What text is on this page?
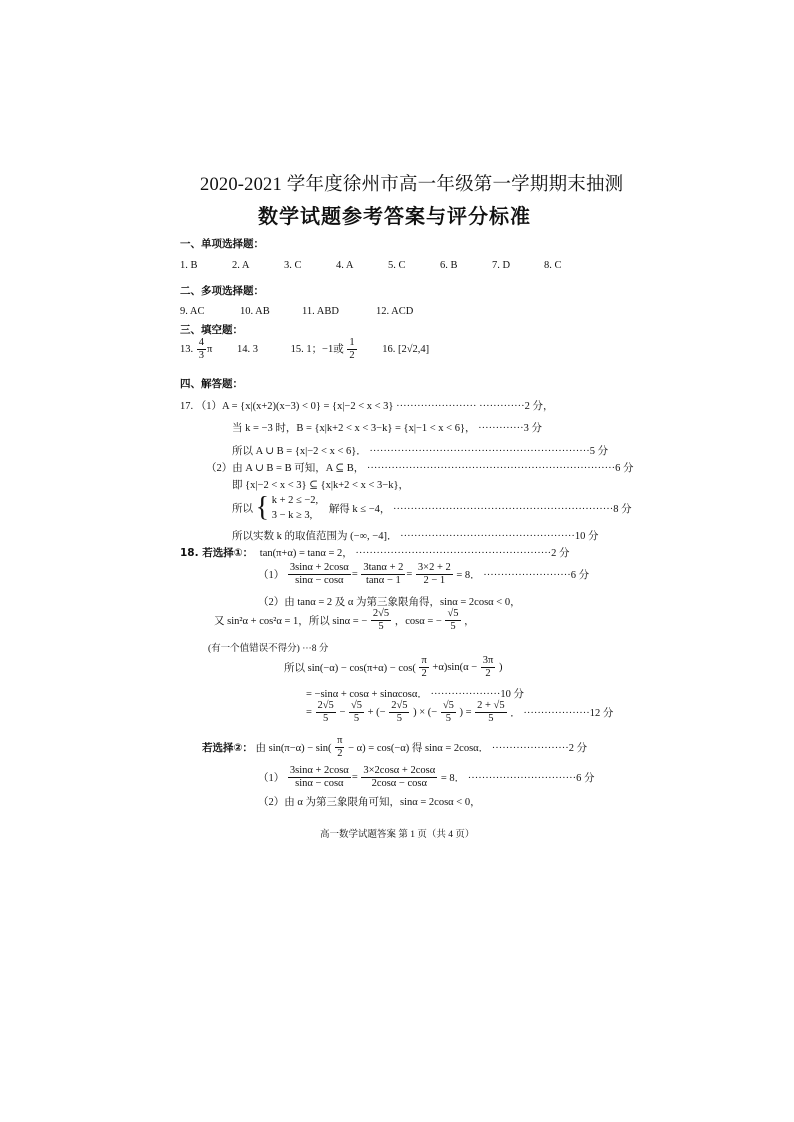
2020-2021 学年度徐州市高一年级第一学期期末抽测
数学试题参考答案与评分标准
一、单项选择题：
1. B	2. A	3. C	4. A	5. C	6. B	7. D	8. C
二、多项选择题：
9. AC	10. AB	11. ABD	12. ACD
三、填空题：
13. $\frac{4}{3}$ π 14. 3	15. 1；−1或 $\frac{1}{2} 16$. [2√2,4]
四、解答题：
17. （1）A = {x|(x+2)(x−3) < 0} = {x|−2 < x < 3} ······················· ·············2 分，
当 k = −3 时，B = {x|k+2 < x < 3−k} = {x|−1 < x < 6}， ·············3 分
所以 A ∪ B = {x|−2 < x < 6}． ·······························································5 分
（2）由 A ∪ B = B 可知，A ⊆ B， ·······································································6 分
即 {x|−2 < x < 3} ⊆ {x|k+2 < x < 3−k}，
所以 { k + 2 ≤ −2,
3 − k ≥ 3,
解得 k ≤ −4， ·······························································8 分
所以实数 k 的取值范围为 (−∞, −4]． ··················································10 分
18. 若选择①： tan(π+α) = tanα = 2， ························································2 分
$(1) \frac{3\sin\alpha + 2\cos\alpha}{\sin\alpha - \cos\alpha} = \frac{3\tan\alpha + 2}{\tan\alpha - 1} = \frac{3\times 2 + 2}{2 - 1} = 8$． ·························6 分
（2）由 tanα = 2 及 α 为第三象限角得，sinα = 2cosα < 0，
又 sin²α + cos²α = 1，所以 sinα = − $\frac{2√5}{5}$ ，cosα = − $\frac{√5}{5}$ ，
(有一个值错误不得分) ···8 分
所以 $\sin(-\alpha) - \cos(\pi+\alpha) - \cos( \frac{\pi}{2} +\alpha)\sin(\alpha - \frac{3\pi}{2}$ )
= −sinα + cosα + sinαcosα． ····················10 分
= $\frac{2√5}{5} - \frac{√5}{5}$ + (− $\frac{2√5}{5}$ ) × (− $\frac{√5}{5}$ ) = $\frac{2 + √5}{5}$ ． ···················12 分
若选择②： 由 $\sin(\pi-\alpha) - \sin( \frac{\pi}{2} - \alpha) = \cos(-\alpha)$ 得 sinα = 2cosα． ······················2 分
$(1) \frac{3\sin\alpha + 2\cos\alpha}{\sin\alpha - \cos\alpha} = \frac{3\times 2\cos\alpha + 2\cos\alpha}{2\cos\alpha - \cos\alpha} = 8$． ·······························6 分
（2）由 α 为第三象限角可知，sinα = 2cosα < 0，
高一数学试题答案 第 1 页（共 4 页）
